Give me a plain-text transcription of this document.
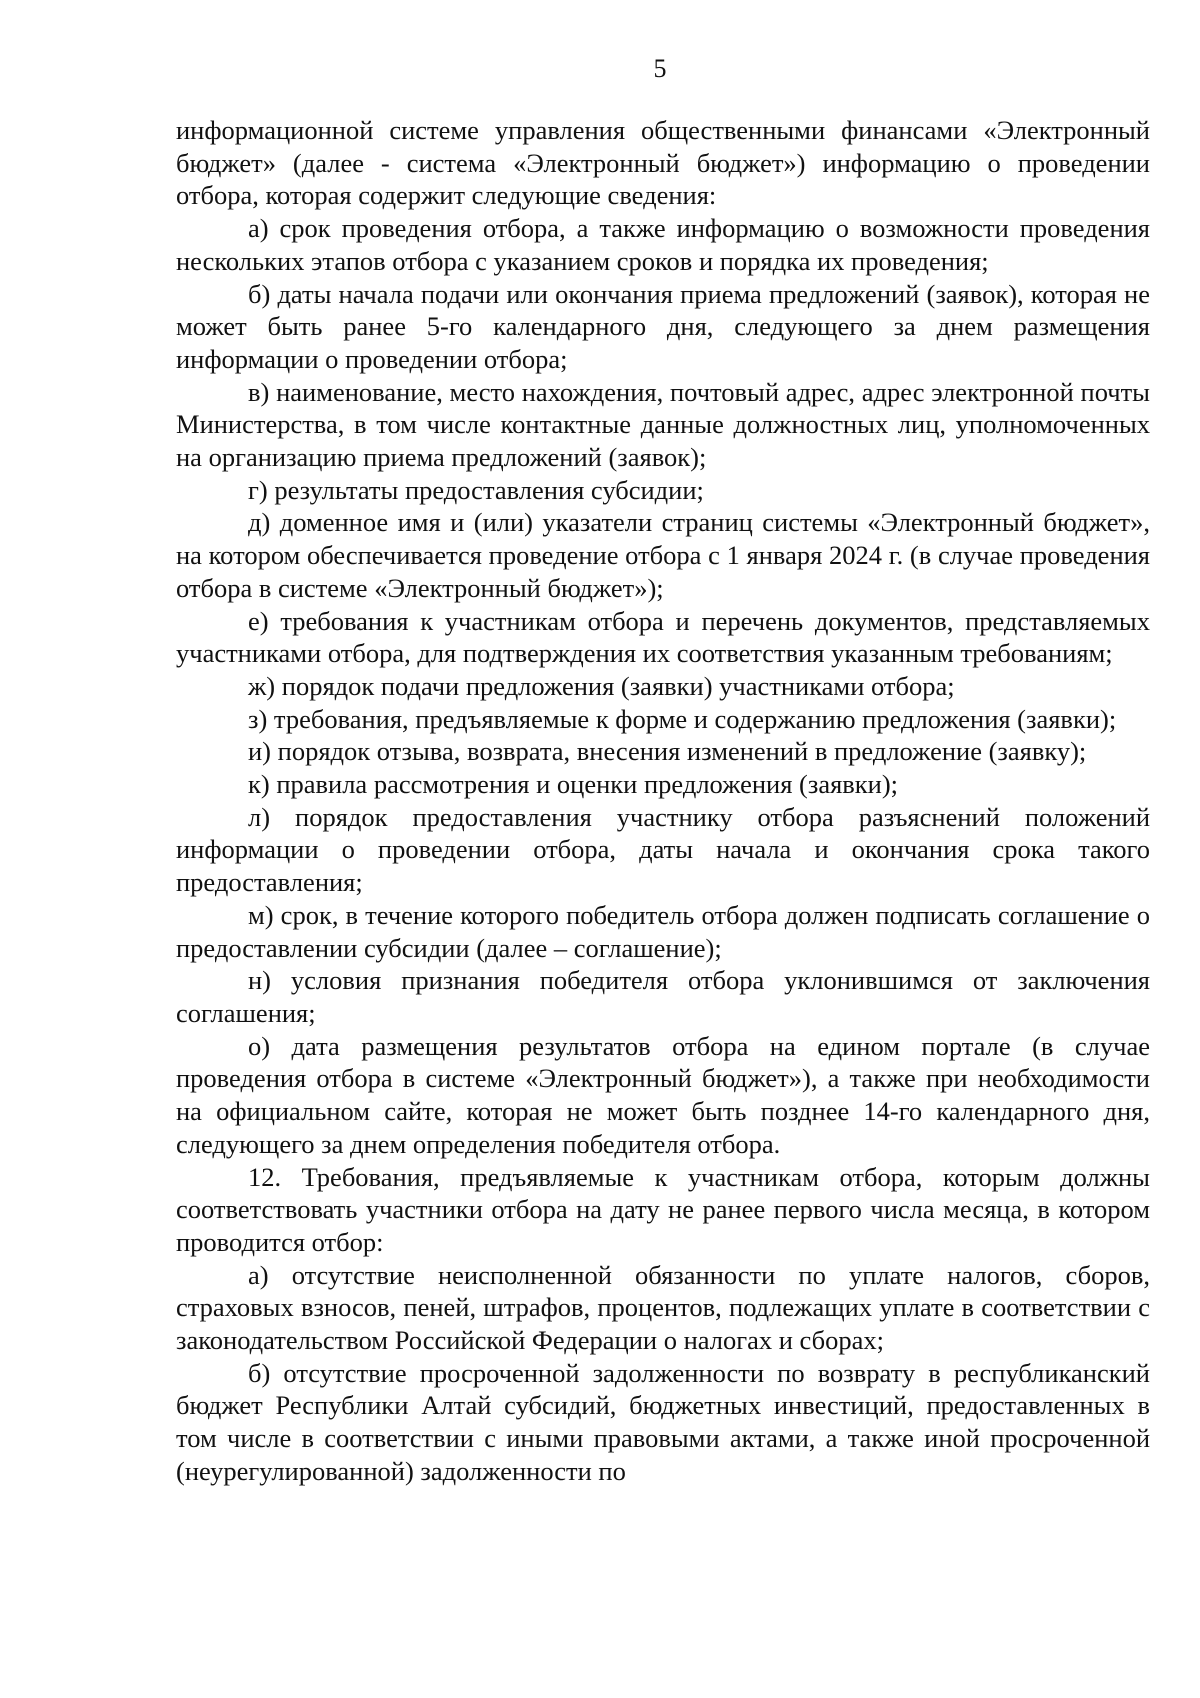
5

информационной системе управления общественными финансами «Электронный бюджет» (далее - система «Электронный бюджет») информацию о проведении отбора, которая содержит следующие сведения:

а) срок проведения отбора, а также информацию о возможности проведения нескольких этапов отбора с указанием сроков и порядка их проведения;

б) даты начала подачи или окончания приема предложений (заявок), которая не может быть ранее 5-го календарного дня, следующего за днем размещения информации о проведении отбора;

в) наименование, место нахождения, почтовый адрес, адрес электронной почты Министерства, в том числе контактные данные должностных лиц, уполномоченных на организацию приема предложений (заявок);

г) результаты предоставления субсидии;

д) доменное имя и (или) указатели страниц системы «Электронный бюджет», на котором обеспечивается проведение отбора с 1 января 2024 г. (в случае проведения отбора в системе «Электронный бюджет»);

е) требования к участникам отбора и перечень документов, представляемых участниками отбора, для подтверждения их соответствия указанным требованиям;

ж) порядок подачи предложения (заявки) участниками отбора;

з) требования, предъявляемые к форме и содержанию предложения (заявки);

и) порядок отзыва, возврата, внесения изменений в предложение (заявку);

к) правила рассмотрения и оценки предложения (заявки);

л) порядок предоставления участнику отбора разъяснений положений информации о проведении отбора, даты начала и окончания срока такого предоставления;

м) срок, в течение которого победитель отбора должен подписать соглашение о предоставлении субсидии (далее – соглашение);

н) условия признания победителя отбора уклонившимся от заключения соглашения;

о) дата размещения результатов отбора на едином портале (в случае проведения отбора в системе «Электронный бюджет»), а также при необходимости на официальном сайте, которая не может быть позднее 14-го календарного дня, следующего за днем определения победителя отбора.

12. Требования, предъявляемые к участникам отбора, которым должны соответствовать участники отбора на дату не ранее первого числа месяца, в котором проводится отбор:

а) отсутствие неисполненной обязанности по уплате налогов, сборов, страховых взносов, пеней, штрафов, процентов, подлежащих уплате в соответствии с законодательством Российской Федерации о налогах и сборах;

б) отсутствие просроченной задолженности по возврату в республиканский бюджет Республики Алтай субсидий, бюджетных инвестиций, предоставленных в том числе в соответствии с иными правовыми актами, а также иной просроченной (неурегулированной) задолженности по
